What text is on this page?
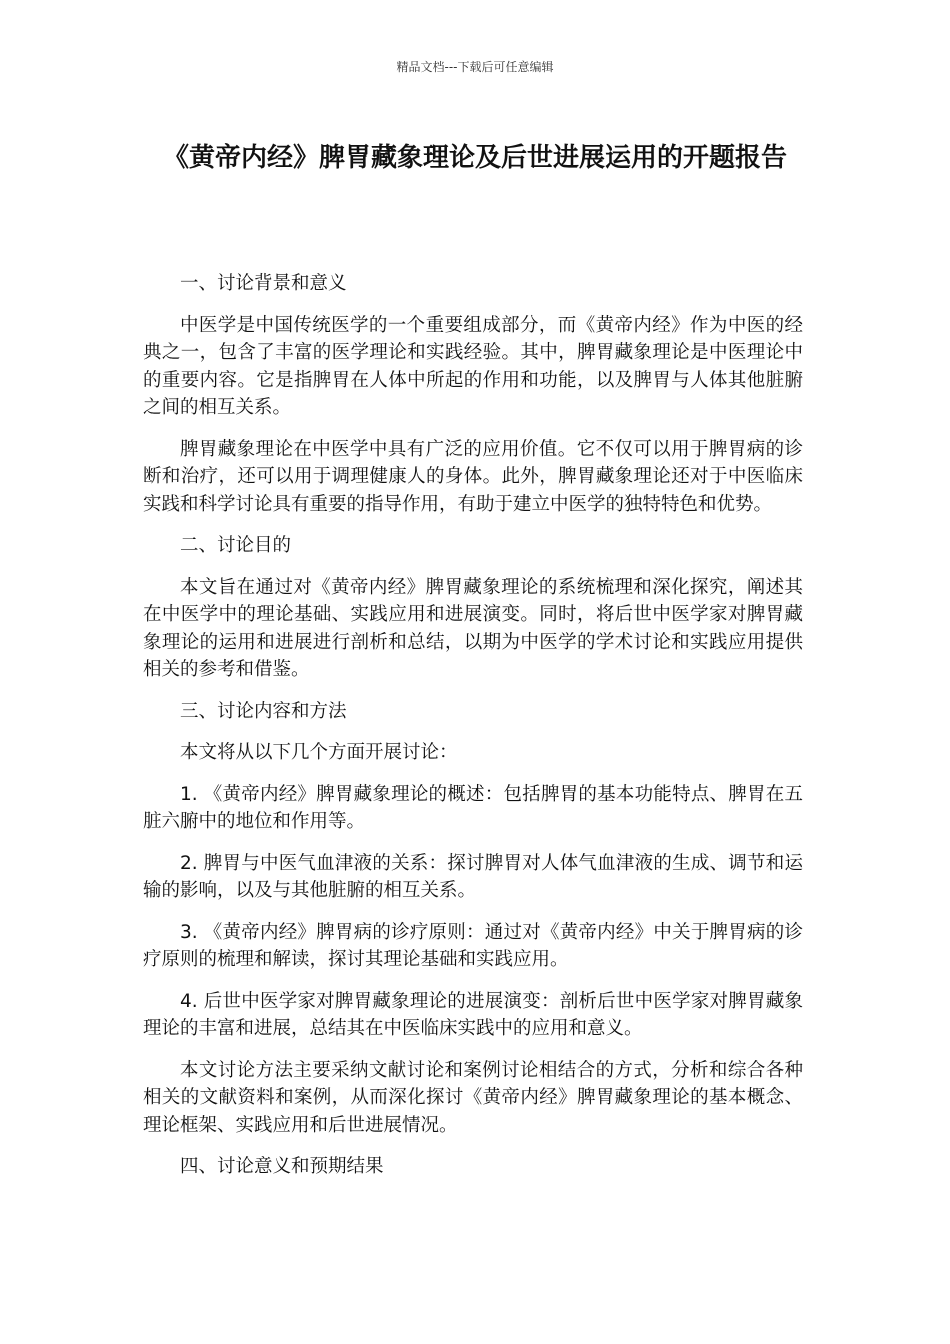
精品文档---下载后可任意编辑
《黄帝内经》脾胃藏象理论及后世进展运用的开题报告

一、讨论背景和意义

中医学是中国传统医学的一个重要组成部分，而《黄帝内经》作为中医的经典之一，包含了丰富的医学理论和实践经验。其中，脾胃藏象理论是中医理论中的重要内容。它是指脾胃在人体中所起的作用和功能，以及脾胃与人体其他脏腑之间的相互关系。

脾胃藏象理论在中医学中具有广泛的应用价值。它不仅可以用于脾胃病的诊断和治疗，还可以用于调理健康人的身体。此外，脾胃藏象理论还对于中医临床实践和科学讨论具有重要的指导作用，有助于建立中医学的独特特色和优势。

二、讨论目的

本文旨在通过对《黄帝内经》脾胃藏象理论的系统梳理和深化探究，阐述其在中医学中的理论基础、实践应用和进展演变。同时，将后世中医学家对脾胃藏象理论的运用和进展进行剖析和总结，以期为中医学的学术讨论和实践应用提供相关的参考和借鉴。

三、讨论内容和方法

本文将从以下几个方面开展讨论：

1. 《黄帝内经》脾胃藏象理论的概述：包括脾胃的基本功能特点、脾胃在五脏六腑中的地位和作用等。

2. 脾胃与中医气血津液的关系：探讨脾胃对人体气血津液的生成、调节和运输的影响，以及与其他脏腑的相互关系。

3. 《黄帝内经》脾胃病的诊疗原则：通过对《黄帝内经》中关于脾胃病的诊疗原则的梳理和解读，探讨其理论基础和实践应用。

4. 后世中医学家对脾胃藏象理论的进展演变：剖析后世中医学家对脾胃藏象理论的丰富和进展，总结其在中医临床实践中的应用和意义。

本文讨论方法主要采纳文献讨论和案例讨论相结合的方式，分析和综合各种相关的文献资料和案例，从而深化探讨《黄帝内经》脾胃藏象理论的基本概念、理论框架、实践应用和后世进展情况。

四、讨论意义和预期结果
